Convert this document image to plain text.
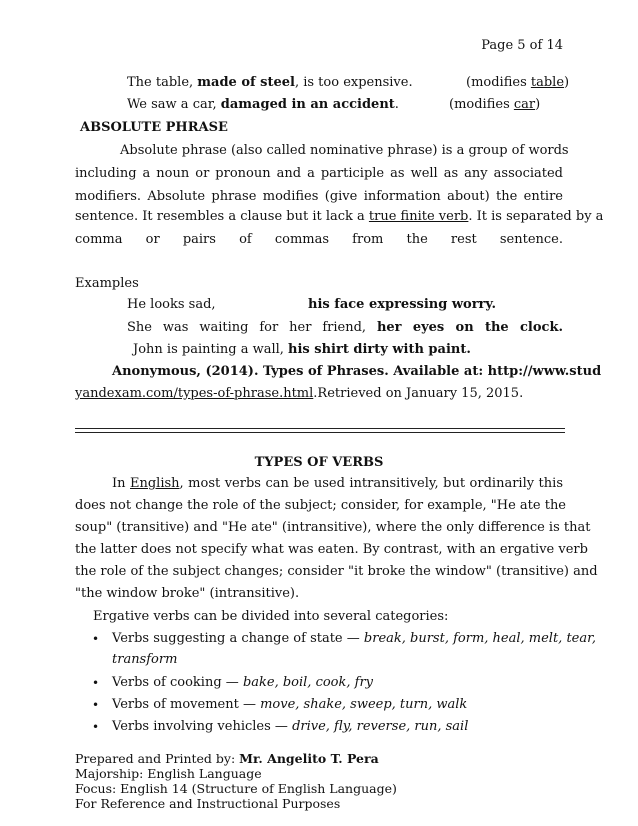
Page 5 of 14
The table, made of steel, is too expensive.	(modifies table)
We saw a car, damaged in an accident.	(modifies car)
ABSOLUTE PHRASE
Absolute phrase (also called nominative phrase) is a group of words
including a noun or pronoun and a participle as well as any associated
modifiers. Absolute phrase modifies (give information about) the entire
sentence. It resembles a clause but it lack a true finite verb. It is separated by a
comma or pairs of commas from the rest sentence.
Examples
He looks sad,	his face expressing worry.
She was waiting for her friend, her eyes on the clock.
John is painting a wall, his shirt dirty with paint.
Anonymous, (2014). Types of Phrases. Available at: http://www.stud
yandexam.com/types-of-phrase.html.Retrieved on January 15, 2015.
TYPES OF VERBS
In English, most verbs can be used intransitively, but ordinarily this
does not change the role of the subject; consider, for example, "He ate the
soup" (transitive) and "He ate" (intransitive), where the only difference is that
the latter does not specify what was eaten. By contrast, with an ergative verb
the role of the subject changes; consider "it broke the window" (transitive) and
"the window broke" (intransitive).
Ergative verbs can be divided into several categories:
• Verbs suggesting a change of state — break, burst, form, heal, melt, tear,
transform
• Verbs of cooking — bake, boil, cook, fry
• Verbs of movement — move, shake, sweep, turn, walk
• Verbs involving vehicles — drive, fly, reverse, run, sail
Prepared and Printed by: Mr. Angelito T. Pera
Majorship: English Language
Focus: English 14 (Structure of English Language)
For Reference and Instructional Purposes
